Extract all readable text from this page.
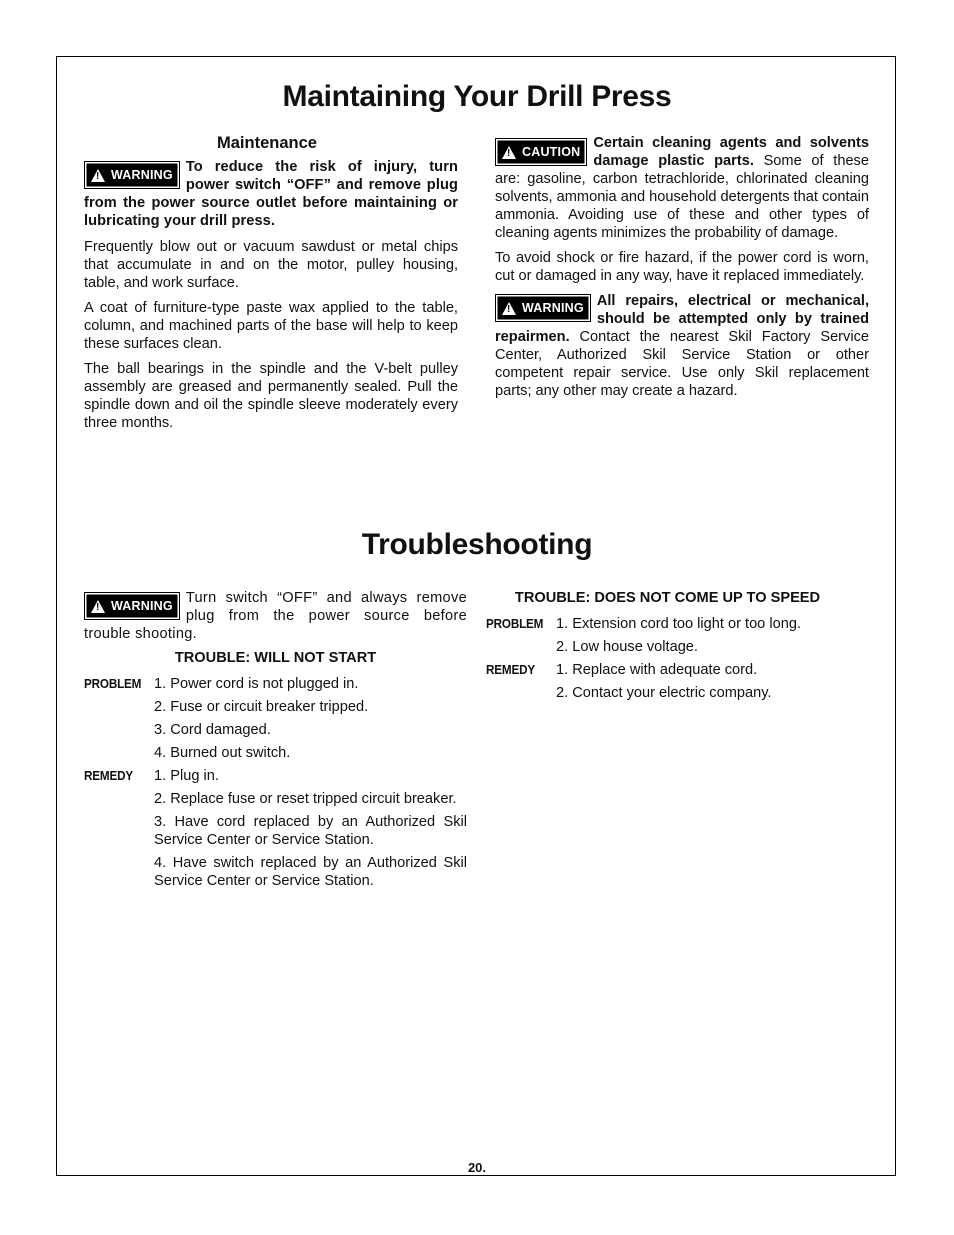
Maintaining Your Drill Press
Maintenance

! WARNING To reduce the risk of injury, turn power switch “OFF” and remove plug from the power source outlet before maintaining or lubricating your drill press.

Frequently blow out or vacuum sawdust or metal chips that accumulate in and on the motor, pulley housing, table, and work surface.

A coat of furniture-type paste wax applied to the table, column, and machined parts of the base will help to keep these surfaces clean.

The ball bearings in the spindle and the V-belt pulley assembly are greased and permanently sealed. Pull the spindle down and oil the spindle sleeve moderately every three months.

! CAUTION
Certain cleaning agents and solvents damage plastic parts. Some of these are: gasoline, carbon tetrachloride, chlorinated cleaning solvents, ammonia and household detergents that contain ammonia. Avoiding use of these and other types of cleaning agents minimizes the probability of damage.

To avoid shock or fire hazard, if the power cord is worn, cut or damaged in any way, have it replaced immediately.

! WARNING All repairs, electrical or mechanical, should be attempted only by trained repairmen. Contact the nearest Skil Factory Service Center, Authorized Skil Service Station or other competent repair service. Use only Skil replacement parts; any other may create a hazard.

Troubleshooting

! WARNING Turn switch “OFF” and always remove plug from the power source before trouble shooting.

TROUBLE: WILL NOT START
PROBLEM 1. Power cord is not plugged in.
2. Fuse or circuit breaker tripped.
3. Cord damaged.
4. Burned out switch.
REMEDY	1. Plug in.
2. Replace fuse or reset tripped circuit breaker.
3. Have cord replaced by an Authorized Skil Service Center or Service Station.
4. Have switch replaced by an Authorized Skil Service Center or Service Station.
TROUBLE: DOES NOT COME UP TO SPEED
PROBLEM 1. Extension cord too light or too long.
2. Low house voltage.
REMEDY	1. Replace with adequate cord.
2. Contact your electric company.
20.
